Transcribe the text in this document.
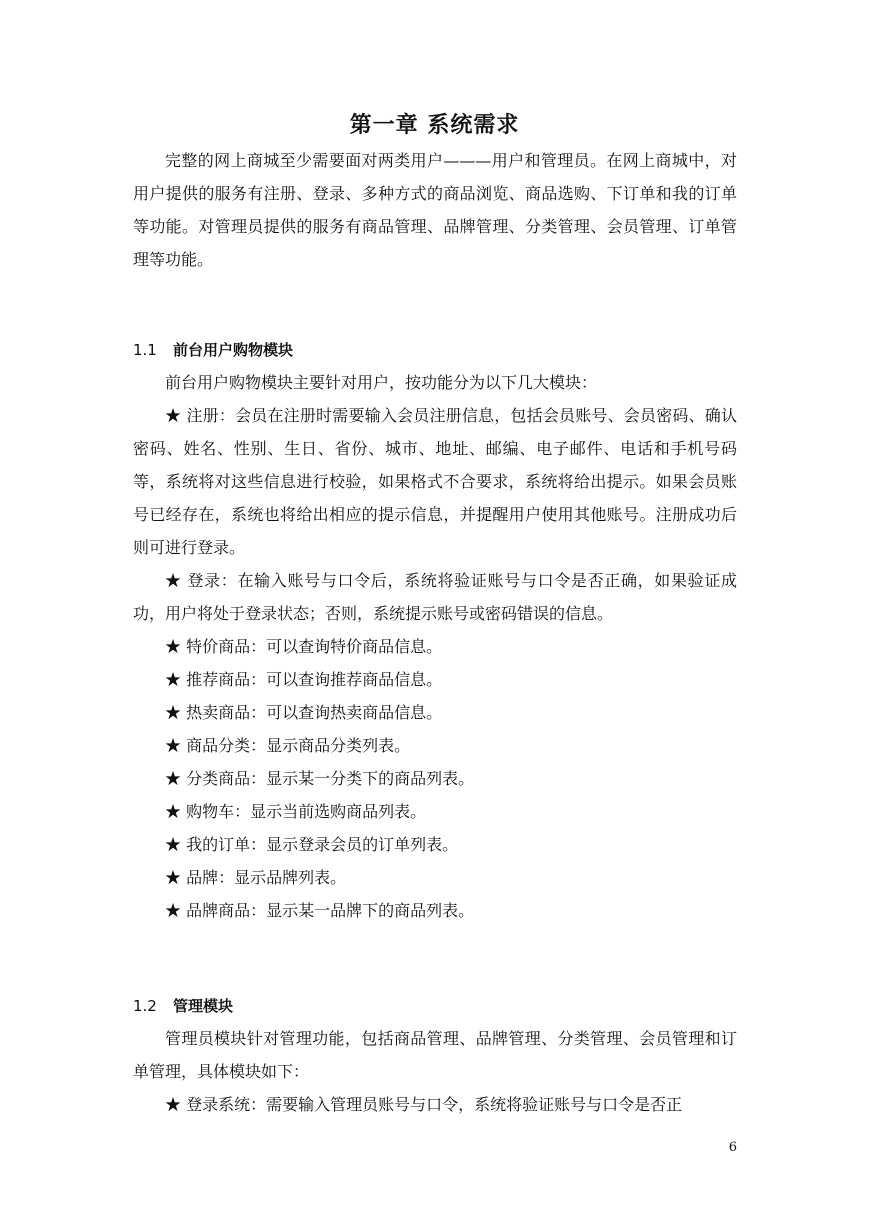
第一章 系统需求

完整的网上商城至少需要面对两类用户———用户和管理员。在网上商城中，对用户提供的服务有注册、登录、多种方式的商品浏览、商品选购、下订单和我的订单等功能。对管理员提供的服务有商品管理、品牌管理、分类管理、会员管理、订单管理等功能。

1.1 前台用户购物模块

前台用户购物模块主要针对用户，按功能分为以下几大模块：

★ 注册：会员在注册时需要输入会员注册信息，包括会员账号、会员密码、确认密码、姓名、性别、生日、省份、城市、地址、邮编、电子邮件、电话和手机号码等，系统将对这些信息进行校验，如果格式不合要求，系统将给出提示。如果会员账号已经存在，系统也将给出相应的提示信息，并提醒用户使用其他账号。注册成功后则可进行登录。

★ 登录：在输入账号与口令后，系统将验证账号与口令是否正确，如果验证成功，用户将处于登录状态；否则，系统提示账号或密码错误的信息。

★ 特价商品：可以查询特价商品信息。

★ 推荐商品：可以查询推荐商品信息。

★ 热卖商品：可以查询热卖商品信息。

★ 商品分类：显示商品分类列表。

★ 分类商品：显示某一分类下的商品列表。

★ 购物车：显示当前选购商品列表。

★ 我的订单：显示登录会员的订单列表。

★ 品牌：显示品牌列表。

★ 品牌商品：显示某一品牌下的商品列表。

1.2 管理模块

管理员模块针对管理功能，包括商品管理、品牌管理、分类管理、会员管理和订单管理，具体模块如下：

★ 登录系统：需要输入管理员账号与口令，系统将验证账号与口令是否正

6
